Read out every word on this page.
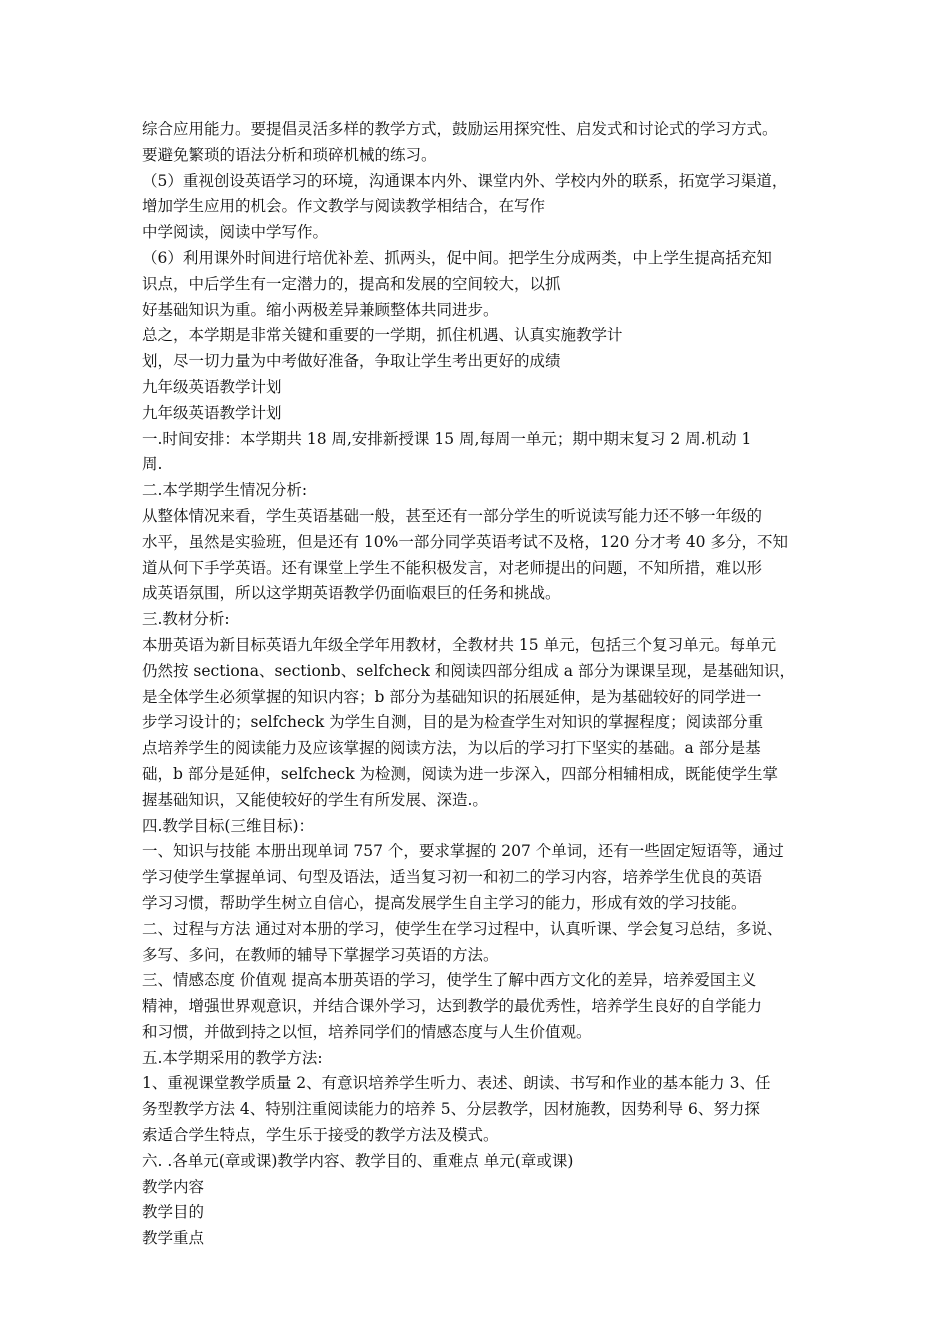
综合应用能力。要提倡灵活多样的教学方式，鼓励运用探究性、启发式和讨论式的学习方式。
要避免繁琐的语法分析和琐碎机械的练习。
（5）重视创设英语学习的环境，沟通课本内外、课堂内外、学校内外的联系，拓宽学习渠道，
增加学生应用的机会。作文教学与阅读教学相结合，在写作
中学阅读，阅读中学写作。
（6）利用课外时间进行培优补差、抓两头，促中间。把学生分成两类，中上学生提高括充知
识点，中后学生有一定潜力的，提高和发展的空间较大，以抓
好基础知识为重。缩小两极差异兼顾整体共同进步。
总之，本学期是非常关键和重要的一学期，抓住机遇、认真实施教学计
划，尽一切力量为中考做好准备，争取让学生考出更好的成绩
九年级英语教学计划
九年级英语教学计划
一.时间安排：本学期共 18 周,安排新授课 15 周,每周一单元；期中期末复习 2 周.机动 1
周.
二.本学期学生情况分析:
从整体情况来看，学生英语基础一般，甚至还有一部分学生的听说读写能力还不够一年级的
水平，虽然是实验班，但是还有 10%一部分同学英语考试不及格，120 分才考 40 多分，不知
道从何下手学英语。还有课堂上学生不能积极发言，对老师提出的问题，不知所措，难以形
成英语氛围，所以这学期英语教学仍面临艰巨的任务和挑战。
三.教材分析:
本册英语为新目标英语九年级全学年用教材，全教材共 15 单元，包括三个复习单元。每单元
仍然按 sectiona、sectionb、selfcheck 和阅读四部分组成 a 部分为课课呈现，是基础知识，
是全体学生必须掌握的知识内容；b 部分为基础知识的拓展延伸，是为基础较好的同学进一
步学习设计的；selfcheck 为学生自测，目的是为检查学生对知识的掌握程度；阅读部分重
点培养学生的阅读能力及应该掌握的阅读方法，为以后的学习打下坚实的基础。a 部分是基
础，b 部分是延伸，selfcheck 为检测，阅读为进一步深入，四部分相辅相成，既能使学生掌
握基础知识，又能使较好的学生有所发展、深造.。
四.教学目标(三维目标)：
一、知识与技能 本册出现单词 757 个，要求掌握的 207 个单词，还有一些固定短语等，通过
学习使学生掌握单词、句型及语法，适当复习初一和初二的学习内容，培养学生优良的英语
学习习惯，帮助学生树立自信心，提高发展学生自主学习的能力，形成有效的学习技能。
二、过程与方法 通过对本册的学习，使学生在学习过程中，认真听课、学会复习总结，多说、
多写、多问，在教师的辅导下掌握学习英语的方法。
三、情感态度 价值观 提高本册英语的学习，使学生了解中西方文化的差异，培养爱国主义
精神，增强世界观意识，并结合课外学习，达到教学的最优秀性，培养学生良好的自学能力
和习惯，并做到持之以恒，培养同学们的情感态度与人生价值观。
五.本学期采用的教学方法:
1、重视课堂教学质量 2、有意识培养学生听力、表述、朗读、书写和作业的基本能力 3、任
务型教学方法 4、特别注重阅读能力的培养 5、分层教学，因材施教，因势利导 6、努力探
索适合学生特点，学生乐于接受的教学方法及模式。
六. .各单元(章或课)教学内容、教学目的、重难点 单元(章或课)
教学内容
教学目的
教学重点
